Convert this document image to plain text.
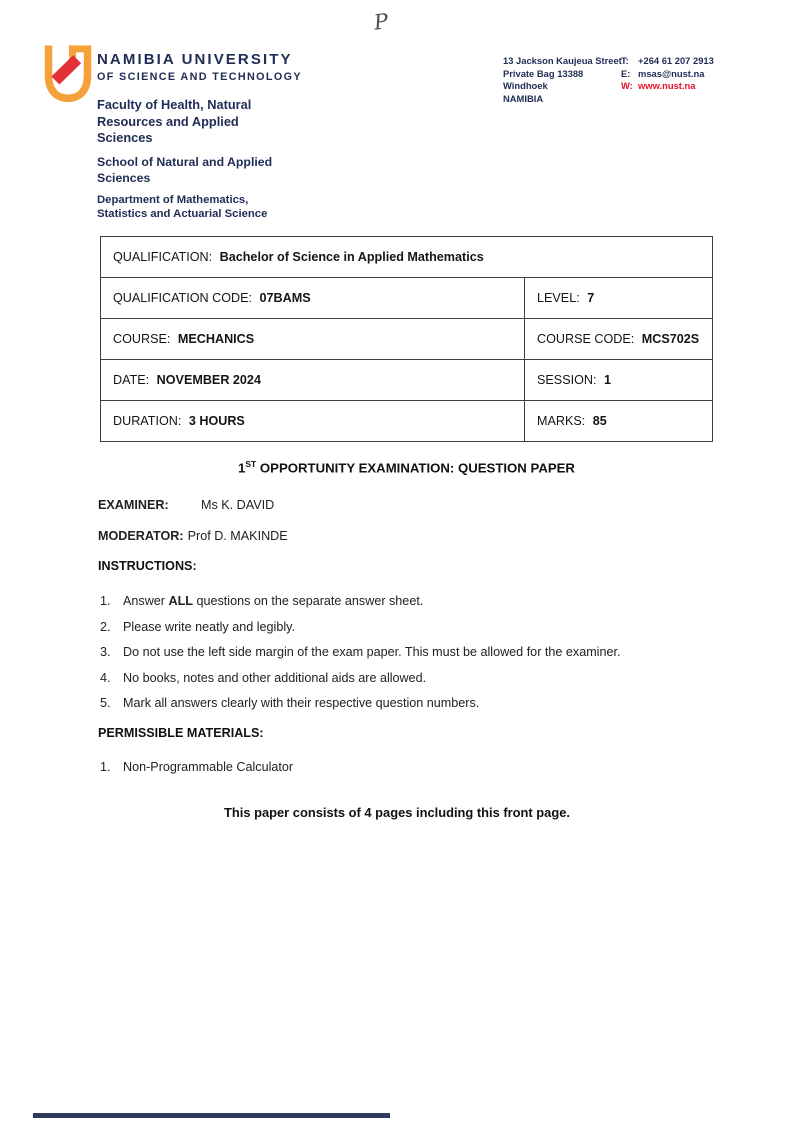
P
NAMIBIA UNIVERSITY
OF SCIENCE AND TECHNOLOGY
Faculty of Health, Natural Resources and Applied Sciences
School of Natural and Applied Sciences
Department of Mathematics, Statistics and Actuarial Science
13 Jackson Kaujeua Street
Private Bag 13388
Windhoek
NAMIBIA
T: +264 61 207 2913
E: msas@nust.na
W: www.nust.na
QUALIFICATION: Bachelor of Science in Applied Mathematics	
QUALIFICATION CODE: 07BAMS	LEVEL: 7
COURSE: MECHANICS	COURSE CODE: MCS702S
DATE: NOVEMBER 2024	SESSION: 1
DURATION: 3 HOURS	MARKS: 85
1ST OPPORTUNITY EXAMINATION: QUESTION PAPER
EXAMINER:	Ms K. DAVID
MODERATOR: Prof D. MAKINDE
INSTRUCTIONS:
1. Answer ALL questions on the separate answer sheet.
2. Please write neatly and legibly.
3. Do not use the left side margin of the exam paper. This must be allowed for the examiner.
4. No books, notes and other additional aids are allowed.
5. Mark all answers clearly with their respective question numbers.
PERMISSIBLE MATERIALS:
1. Non-Programmable Calculator
This paper consists of 4 pages including this front page.
